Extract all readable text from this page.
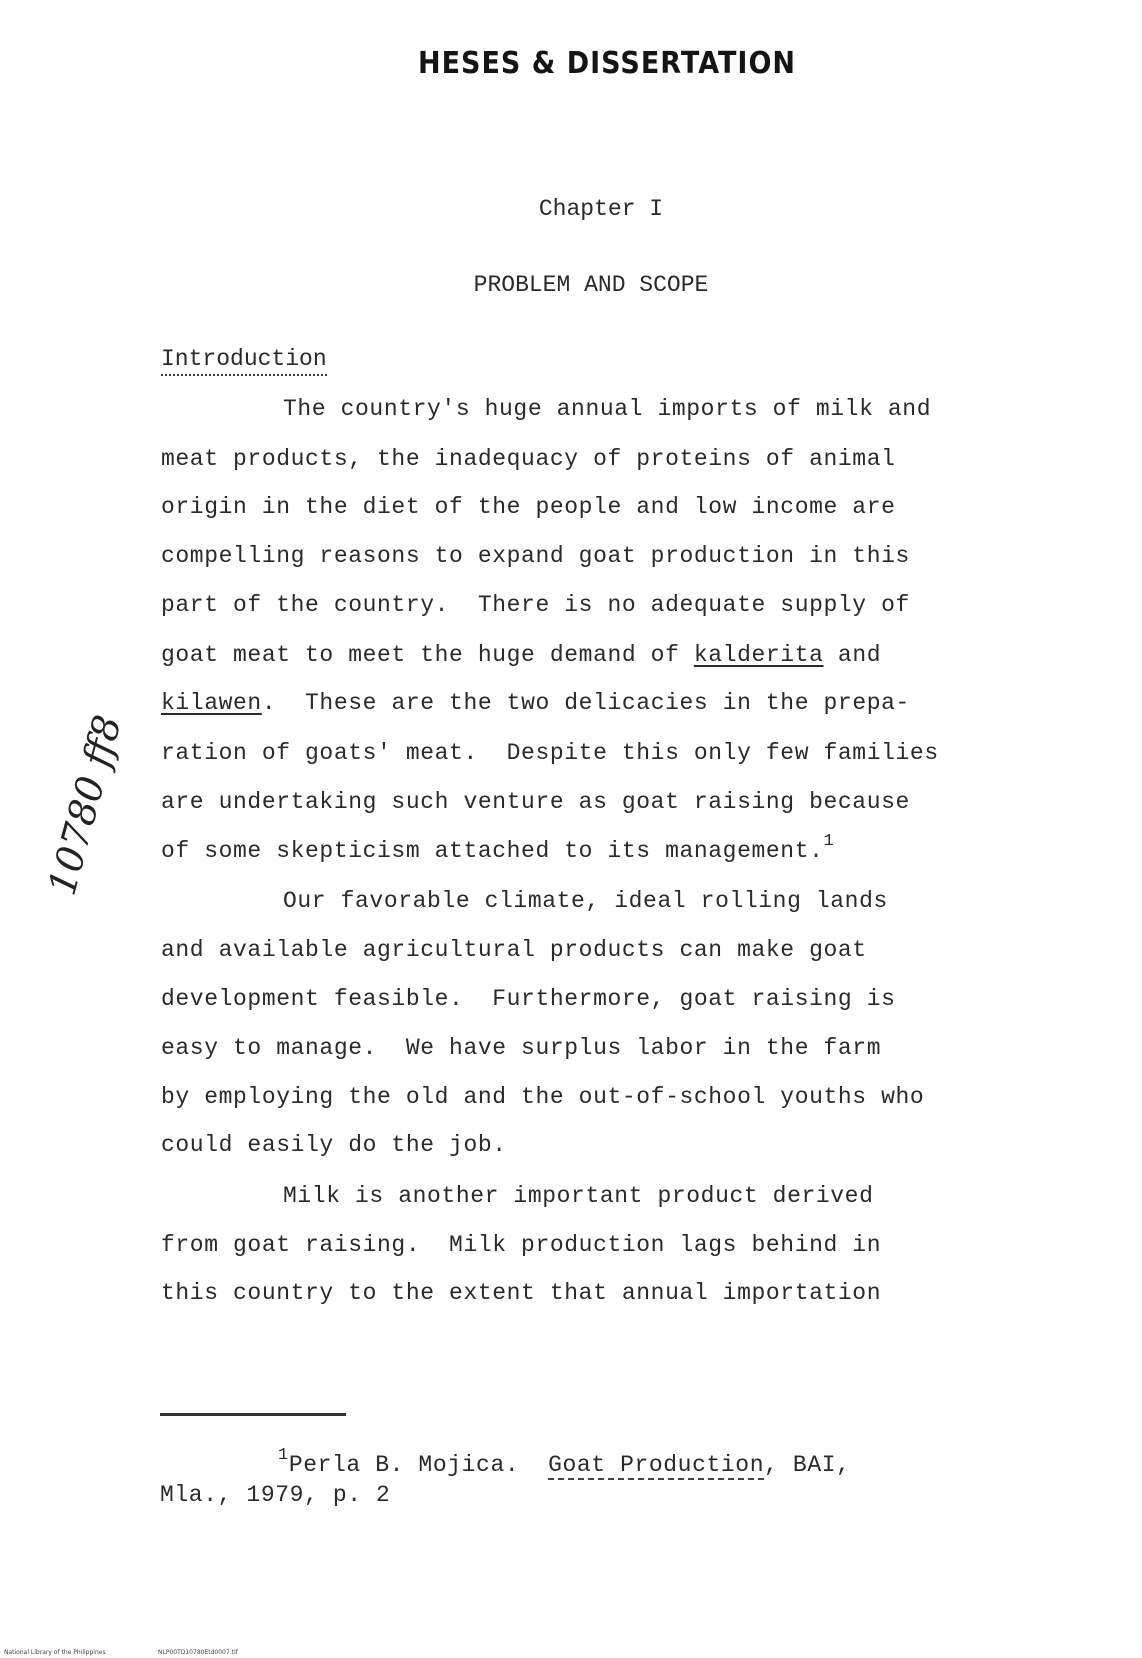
HESES & DISSERTATION
Chapter I
PROBLEM AND SCOPE
Introduction
10780 ff8
The country's huge annual imports of milk and
meat products, the inadequacy of proteins of animal
origin in the diet of the people and low income are
compelling reasons to expand goat production in this
part of the country.  There is no adequate supply of
goat meat to meet the huge demand of kalderita and
kilawen.  These are the two delicacies in the prepa-
ration of goats' meat.  Despite this only few families
are undertaking such venture as goat raising because
of some skepticism attached to its management.$^1$
Our favorable climate, ideal rolling lands
and available agricultural products can make goat
development feasible.  Furthermore, goat raising is
easy to manage.  We have surplus labor in the farm
by employing the old and the out-of-school youths who
could easily do the job.
Milk is another important product derived
from goat raising.  Milk production lags behind in
this country to the extent that annual importation
$^1$Perla B. Mojica.  Goat Production, BAI,
Mla., 1979, p. 2
National Library of the Philippines	NLP00TD10780Etd0007.tif
